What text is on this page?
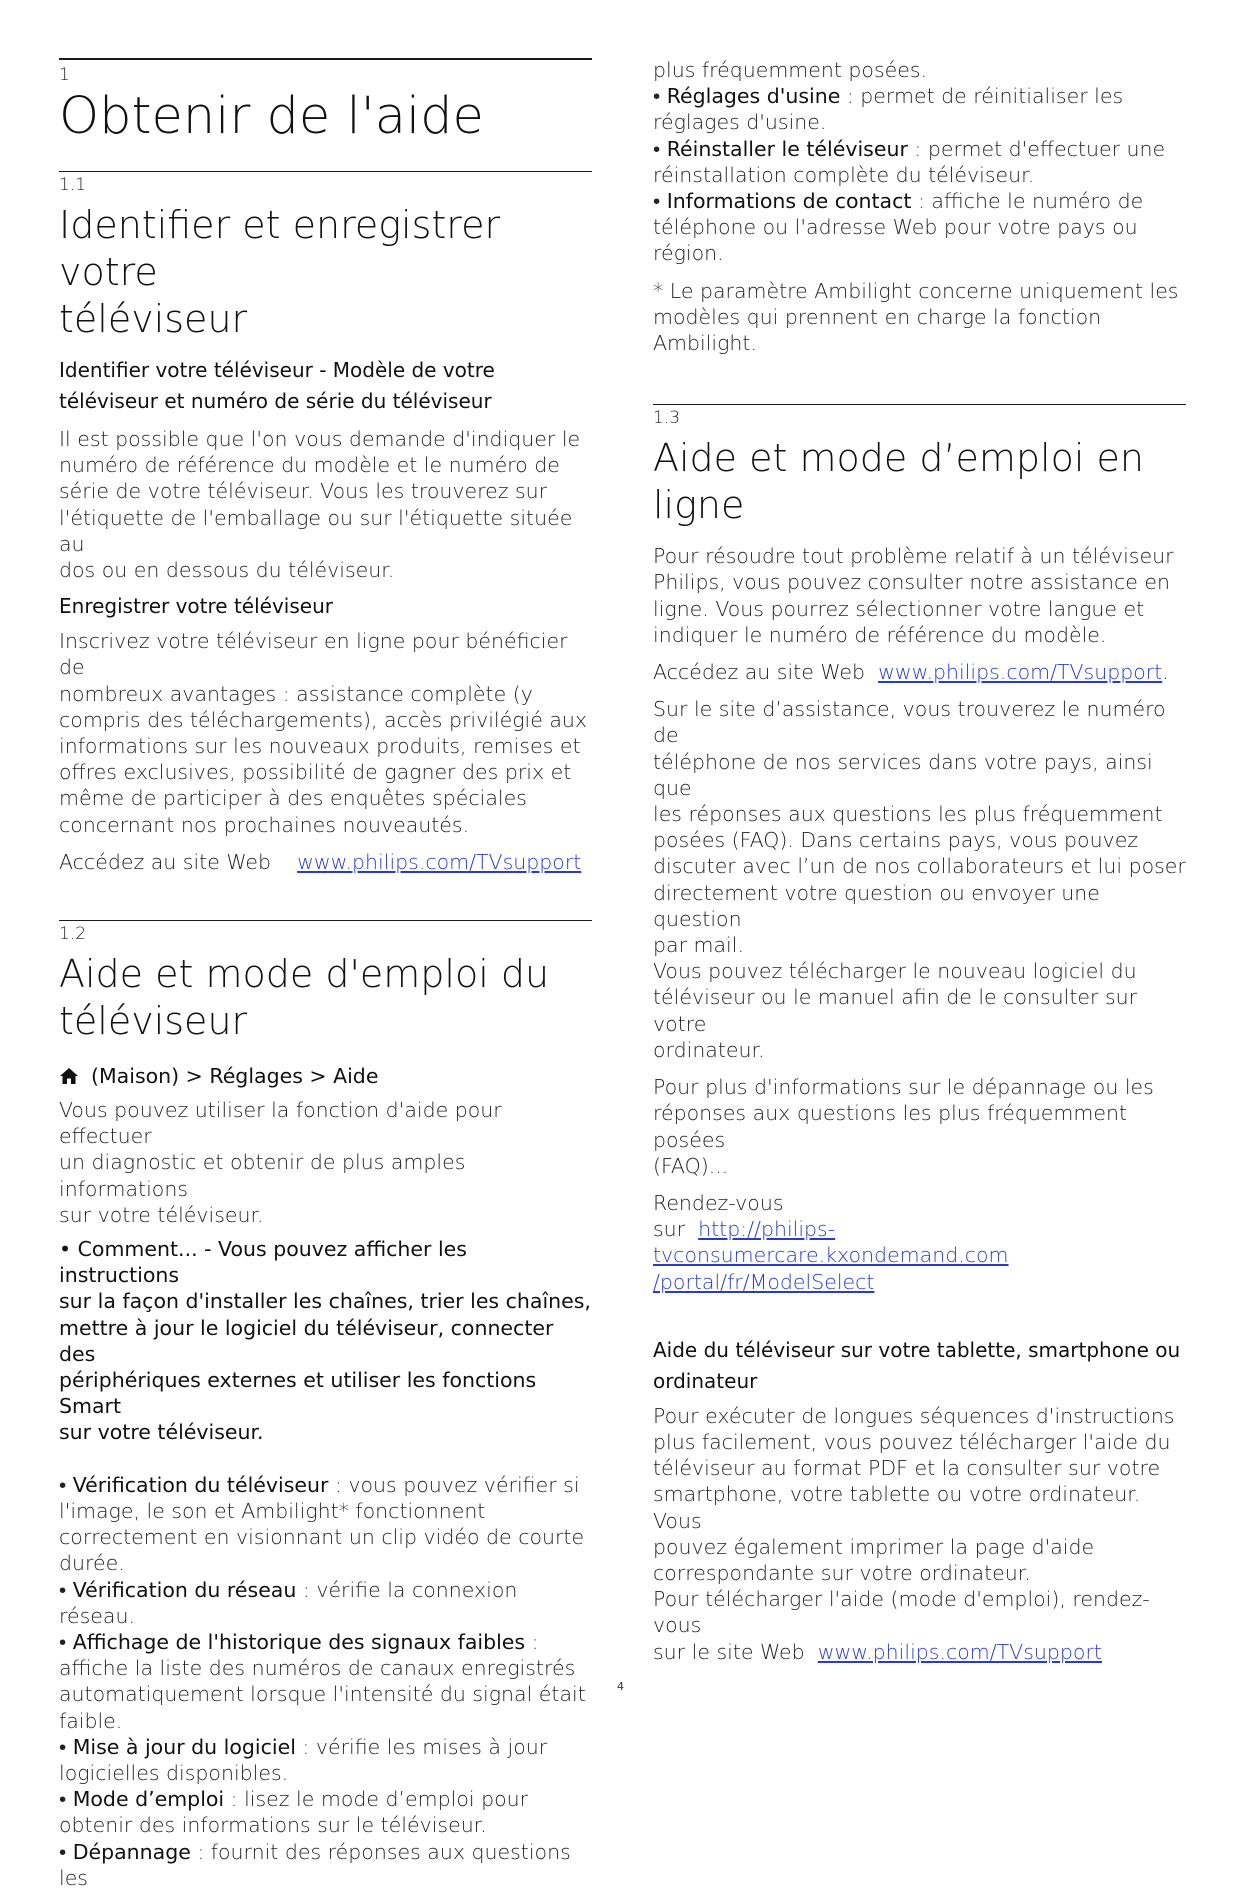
1
Obtenir de l'aide
1.1
Identifier et enregistrer votre
téléviseur
Identifier votre téléviseur - Modèle de votre
téléviseur et numéro de série du téléviseur

Il est possible que l'on vous demande d'indiquer le

numéro de référence du modèle et le numéro de

série de votre téléviseur. Vous les trouverez sur

l'étiquette de l'emballage ou sur l'étiquette située au

dos ou en dessous du téléviseur.

Enregistrer votre téléviseur

Inscrivez votre téléviseur en ligne pour bénéficier de

nombreux avantages : assistance complète (y

compris des téléchargements), accès privilégié aux

informations sur les nouveaux produits, remises et

offres exclusives, possibilité de gagner des prix et

même de participer à des enquêtes spéciales

concernant nos prochaines nouveautés.

Accédez au site Web www.philips.com/TVsupport

1.2
Aide et mode d'emploi du
téléviseur
(Maison) > Réglages > Aide

Vous pouvez utiliser la fonction d'aide pour effectuer

un diagnostic et obtenir de plus amples informations

sur votre téléviseur.

• Comment... - Vous pouvez afficher les instructions

sur la façon d'installer les chaînes, trier les chaînes,

mettre à jour le logiciel du téléviseur, connecter des

périphériques externes et utiliser les fonctions Smart

sur votre téléviseur.

• Vérification du téléviseur : vous pouvez vérifier si

l'image, le son et Ambilight* fonctionnent

correctement en visionnant un clip vidéo de courte

durée.

• Vérification du réseau : vérifie la connexion réseau.

• Affichage de l'historique des signaux faibles :

affiche la liste des numéros de canaux enregistrés

automatiquement lorsque l'intensité du signal était

faible.

• Mise à jour du logiciel : vérifie les mises à jour

logicielles disponibles.

• Mode d’emploi : lisez le mode d’emploi pour

obtenir des informations sur le téléviseur.

• Dépannage : fournit des réponses aux questions les

plus fréquemment posées.

• Réglages d'usine : permet de réinitialiser les

réglages d'usine.

• Réinstaller le téléviseur : permet d'effectuer une

réinstallation complète du téléviseur.

• Informations de contact : affiche le numéro de

téléphone ou l'adresse Web pour votre pays ou

région.

* Le paramètre Ambilight concerne uniquement les

modèles qui prennent en charge la fonction

Ambilight.

1.3
Aide et mode d’emploi en
ligne

Pour résoudre tout problème relatif à un téléviseur

Philips, vous pouvez consulter notre assistance en

ligne. Vous pourrez sélectionner votre langue et

indiquer le numéro de référence du modèle.

Accédez au site Web www.philips.com/TVsupport.

Sur le site d’assistance, vous trouverez le numéro de

téléphone de nos services dans votre pays, ainsi que

les réponses aux questions les plus fréquemment

posées (FAQ). Dans certains pays, vous pouvez

discuter avec l’un de nos collaborateurs et lui poser

directement votre question ou envoyer une question

par mail.

Vous pouvez télécharger le nouveau logiciel du

téléviseur ou le manuel afin de le consulter sur votre

ordinateur.

Pour plus d'informations sur le dépannage ou les

réponses aux questions les plus fréquemment posées

(FAQ)...

Rendez-vous

sur http://philips-tvconsumercare.kxondemand.com

/portal/fr/ModelSelect

Aide du téléviseur sur votre tablette, smartphone ou
ordinateur

Pour exécuter de longues séquences d'instructions

plus facilement, vous pouvez télécharger l'aide du

téléviseur au format PDF et la consulter sur votre

smartphone, votre tablette ou votre ordinateur. Vous

pouvez également imprimer la page d'aide

correspondante sur votre ordinateur.

Pour télécharger l'aide (mode d'emploi), rendez-vous

sur le site Web www.philips.com/TVsupport

4
